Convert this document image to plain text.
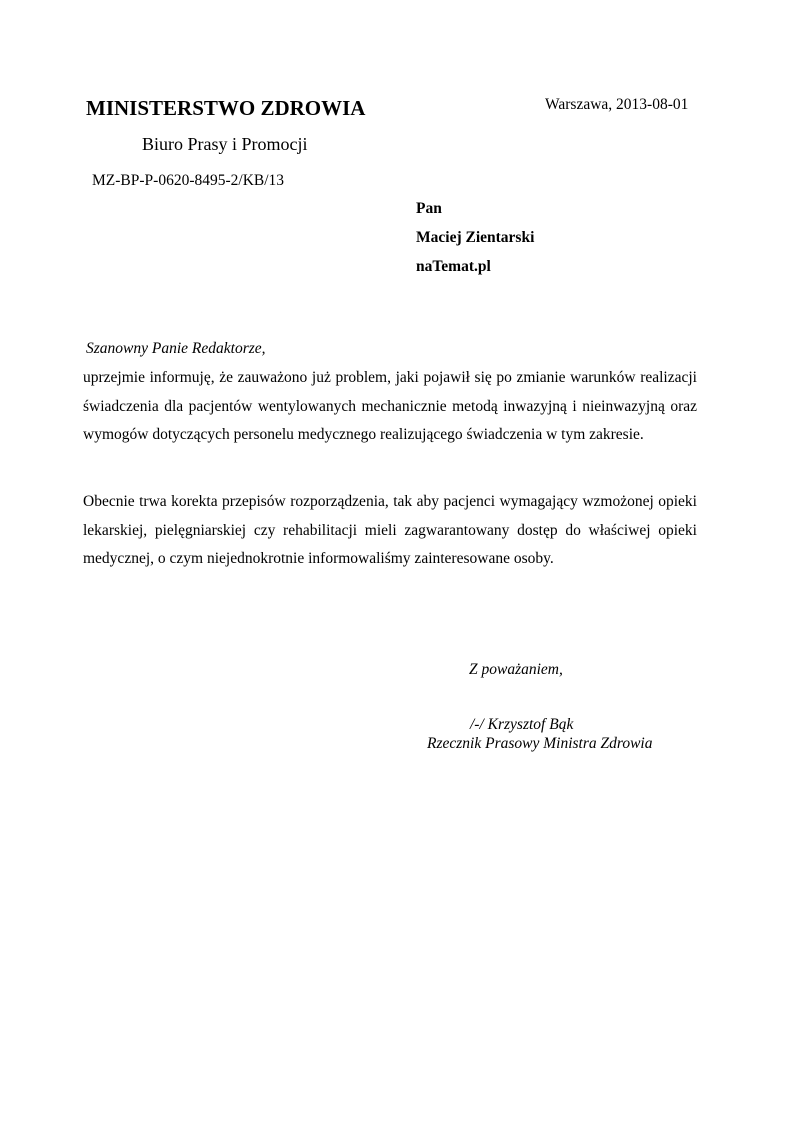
MINISTERSTWO ZDROWIA
Biuro Prasy i Promocji
MZ-BP-P-0620-8495-2/KB/13
Warszawa, 2013-08-01
Pan
Maciej Zientarski
naTemat.pl
Szanowny Panie Redaktorze,
uprzejmie informuję, że zauważono już problem, jaki pojawił się po zmianie warunków realizacji świadczenia dla pacjentów wentylowanych mechanicznie metodą inwazyjną i nieinwazyjną oraz wymogów dotyczących personelu medycznego realizującego świadczenia w tym zakresie.
Obecnie trwa korekta przepisów rozporządzenia, tak aby pacjenci wymagający wzmożonej opieki lekarskiej, pielęgniarskiej czy rehabilitacji mieli zagwarantowany dostęp do właściwej opieki medycznej, o czym niejednokrotnie informowaliśmy zainteresowane osoby.
Z poważaniem,
/-/ Krzysztof Bąk
Rzecznik Prasowy Ministra Zdrowia
